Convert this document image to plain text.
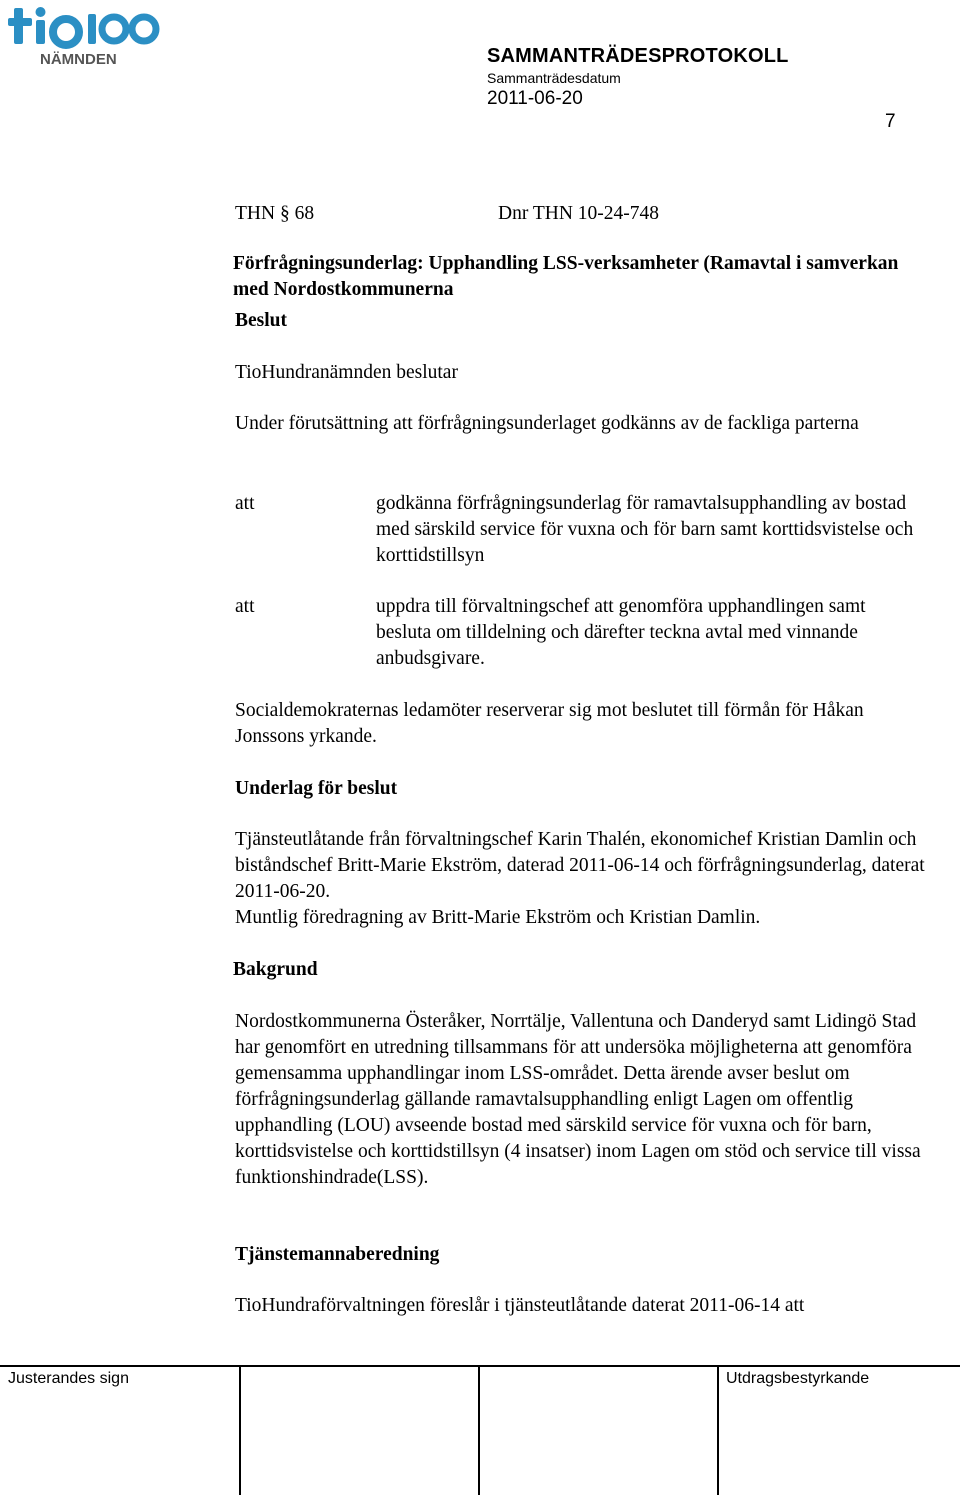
NÄMNDEN	SAMMANTRÄDESPROTOKOLL
Sammanträdesdatum
2011-06-20
7
THN § 68	Dnr THN 10-24-748
Förfrågningsunderlag: Upphandling LSS-verksamheter (Ramavtal i samverkan med Nordostkommunerna
Beslut
TioHundranämnden beslutar
Under förutsättning att förfrågningsunderlaget godkänns av de fackliga parterna
att	godkänna förfrågningsunderlag för ramavtalsupphandling av bostad med särskild service för vuxna och för barn samt korttidsvistelse och korttidstillsyn
att	uppdra till förvaltningschef att genomföra upphandlingen samt besluta om tilldelning och därefter teckna avtal med vinnande anbudsgivare.
Socialdemokraternas ledamöter reserverar sig mot beslutet till förmån för Håkan Jonssons yrkande.
Underlag för beslut
Tjänsteutlåtande från förvaltningschef Karin Thalén, ekonomichef Kristian Damlin och biståndschef Britt-Marie Ekström, daterad 2011-06-14 och förfrågningsunderlag, daterat 2011-06-20.
Muntlig föredragning av Britt-Marie Ekström och Kristian Damlin.
Bakgrund
Nordostkommunerna Österåker, Norrtälje, Vallentuna och Danderyd samt Lidingö Stad har genomfört en utredning tillsammans för att undersöka möjligheterna att genomföra gemensamma upphandlingar inom LSS-området. Detta ärende avser beslut om förfrågningsunderlag gällande ramavtalsupphandling enligt Lagen om offentlig upphandling (LOU) avseende bostad med särskild service för vuxna och för barn, korttidsvistelse och korttidstillsyn (4 insatser) inom Lagen om stöd och service till vissa funktionshindrade(LSS).
Tjänstemannaberedning
TioHundraförvaltningen föreslår i tjänsteutlåtande daterat 2011-06-14 att
Justerandes sign	Utdragsbestyrkande
